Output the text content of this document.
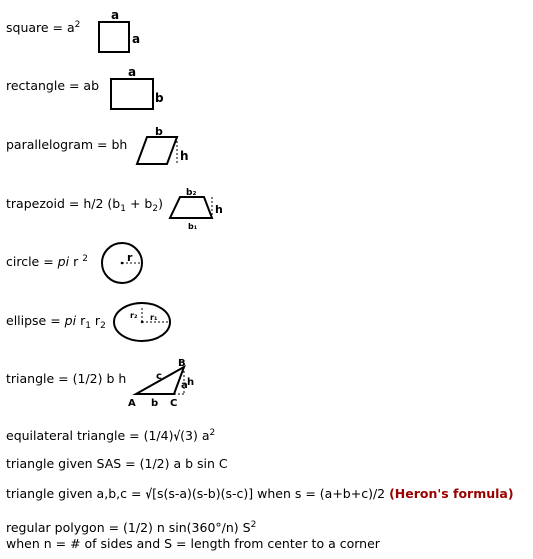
square = $a^2$
a
a
rectangle = ab
a
b
parallelogram = bh
b
h
trapezoid = h/2 $(b_1 + b_2)$
b₂
b₁
h
circle = pi r $^2$	r
ellipse = pi $r_1$ $r_2$
r₂ r₁
triangle = (1/2) b h
A b C
B
c
a h
equilateral triangle = (1/4)√(3) $a^2$
triangle given SAS = (1/2) a b sin C
triangle given a,b,c = √[s(s-a)(s-b)(s-c)] when s = (a+b+c)/2 (Heron's formula)
regular polygon = (1/2) n sin(360°/n) $S^2$
when n = # of sides and S = length from center to a corner
